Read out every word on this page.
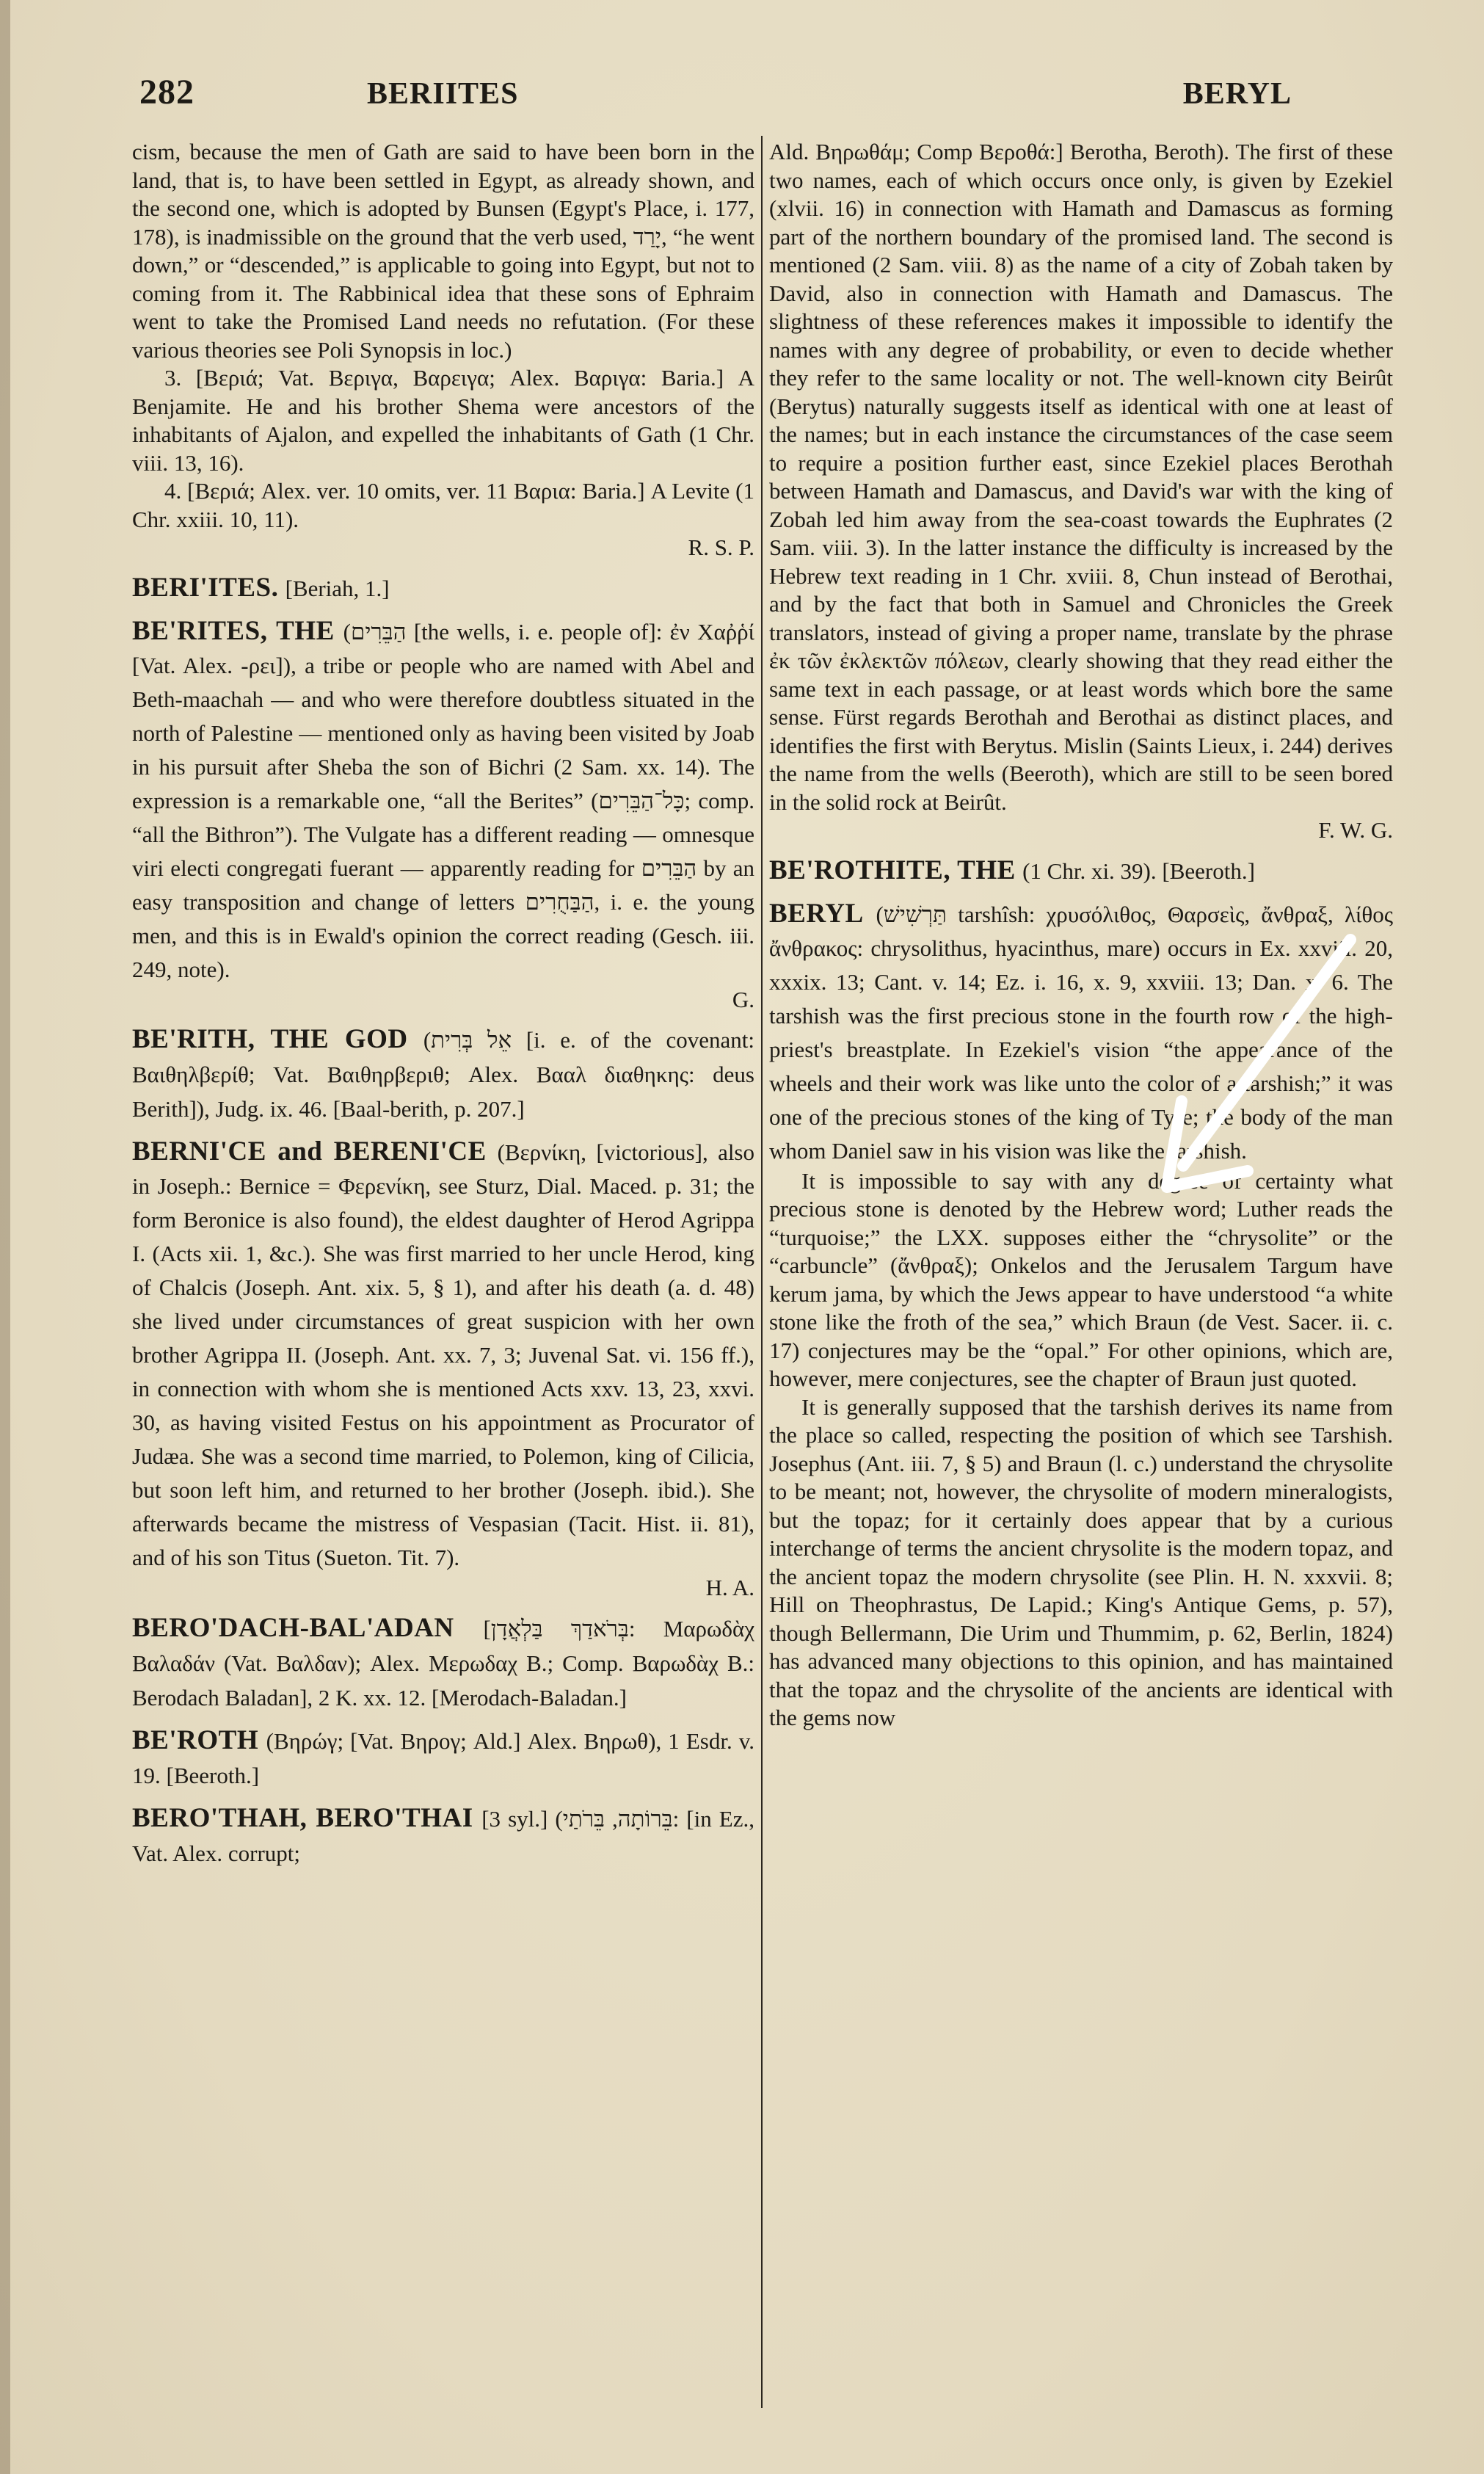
282	BERIITES	BERYL

cism, because the men of Gath are said to have been born in the land, that is, to have been settled in Egypt, as already shown, and the second one, which is adopted by Bunsen (Egypt's Place, i. 177, 178), is inadmissible on the ground that the verb used, יָרַד, “he went down,” or “descended,” is applicable to going into Egypt, but not to coming from it. The Rabbinical idea that these sons of Ephraim went to take the Promised Land needs no refutation. (For these various theories see Poli Synopsis in loc.)

3. [Βεριά; Vat. Βεριγα, Βαρειγα; Alex. Βαριγα: Baria.] A Benjamite. He and his brother Shema were ancestors of the inhabitants of Ajalon, and expelled the inhabitants of Gath (1 Chr. viii. 13, 16).

4. [Βεριά; Alex. ver. 10 omits, ver. 11 Βαρια: Baria.] A Levite (1 Chr. xxiii. 10, 11).

R. S. P.

BERI'ITES. [Beriah, 1.]

BE'RITES, THE (הַבֵּרִים [the wells, i. e. people of]: ἐν Χαῤῥί [Vat. Alex. -ρει]), a tribe or people who are named with Abel and Beth-maachah — and who were therefore doubtless situated in the north of Palestine — mentioned only as having been visited by Joab in his pursuit after Sheba the son of Bichri (2 Sam. xx. 14). The expression is a remarkable one, “all the Berites” (כָּל־הַבֵּרִים; comp. “all the Bithron”). The Vulgate has a different reading — omnesque viri electi congregati fuerant — apparently reading for הַבֵּרִים by an easy transposition and change of letters הַבַּחֻרִים, i. e. the young men, and this is in Ewald's opinion the correct reading (Gesch. iii. 249, note).

G.

BE'RITH, THE GOD (אֵל בְּרִית [i. e. of the covenant: Βαιθηλβερίθ; Vat. Βαιθηρβεριθ; Alex. Βααλ διαθηκης: deus Berith]), Judg. ix. 46. [Baal-berith, p. 207.]

BERNI'CE and BERENI'CE (Βερνίκη, [victorious], also in Joseph.: Bernice = Φερενίκη, see Sturz, Dial. Maced. p. 31; the form Beronice is also found), the eldest daughter of Herod Agrippa I. (Acts xii. 1, &c.). She was first married to her uncle Herod, king of Chalcis (Joseph. Ant. xix. 5, § 1), and after his death (a. d. 48) she lived under circumstances of great suspicion with her own brother Agrippa II. (Joseph. Ant. xx. 7, 3; Juvenal Sat. vi. 156 ff.), in connection with whom she is mentioned Acts xxv. 13, 23, xxvi. 30, as having visited Festus on his appointment as Procurator of Judæa. She was a second time married, to Polemon, king of Cilicia, but soon left him, and returned to her brother (Joseph. ibid.). She afterwards became the mistress of Vespasian (Tacit. Hist. ii. 81), and of his son Titus (Sueton. Tit. 7).

H. A.

BERO'DACH-BAL'ADAN [בְּרֹאדַךְ בַּלְאֲדָן: Μαρωδὰχ Βαλαδάν (Vat. Βαλδαν); Alex. Μερωδαχ B.; Comp. Βαρωδὰχ B.: Berodach Baladan], 2 K. xx. 12. [Merodach-Baladan.]

BE'ROTH (Βηρώγ; [Vat. Βηρογ; Ald.] Alex. Βηρωθ), 1 Esdr. v. 19. [Beeroth.]

BERO'THAH, BERO'THAI [3 syl.] (בֵּרוֹתָה, בֵּרֹתַי: [in Ez., Vat. Alex. corrupt;

Ald. Βηρωθάμ; Comp Βεροθά:] Berotha, Beroth). The first of these two names, each of which occurs once only, is given by Ezekiel (xlvii. 16) in connection with Hamath and Damascus as forming part of the northern boundary of the promised land. The second is mentioned (2 Sam. viii. 8) as the name of a city of Zobah taken by David, also in connection with Hamath and Damascus. The slightness of these references makes it impossible to identify the names with any degree of probability, or even to decide whether they refer to the same locality or not. The well-known city Beirût (Berytus) naturally suggests itself as identical with one at least of the names; but in each instance the circumstances of the case seem to require a position further east, since Ezekiel places Berothah between Hamath and Damascus, and David's war with the king of Zobah led him away from the sea-coast towards the Euphrates (2 Sam. viii. 3). In the latter instance the difficulty is increased by the Hebrew text reading in 1 Chr. xviii. 8, Chun instead of Berothai, and by the fact that both in Samuel and Chronicles the Greek translators, instead of giving a proper name, translate by the phrase ἐκ τῶν ἐκλεκτῶν πόλεων, clearly showing that they read either the same text in each passage, or at least words which bore the same sense. Fürst regards Berothah and Berothai as distinct places, and identifies the first with Berytus. Mislin (Saints Lieux, i. 244) derives the name from the wells (Beeroth), which are still to be seen bored in the solid rock at Beirût.

F. W. G.

BE'ROTHITE, THE (1 Chr. xi. 39). [Beeroth.]

BERYL (תַּרְשִׁישׁ tarshîsh: χρυσόλιθος, Θαρσεὶς, ἄνθραξ, λίθος ἄνθρακος: chrysolithus, hyacinthus, mare) occurs in Ex. xxviii. 20, xxxix. 13; Cant. v. 14; Ez. i. 16, x. 9, xxviii. 13; Dan. x. 6. The tarshish was the first precious stone in the fourth row of the high-priest's breastplate. In Ezekiel's vision “the appearance of the wheels and their work was like unto the color of a tarshish;” it was one of the precious stones of the king of Tyre; the body of the man whom Daniel saw in his vision was like the tarshish.

It is impossible to say with any degree of certainty what precious stone is denoted by the Hebrew word; Luther reads the “turquoise;” the LXX. supposes either the “chrysolite” or the “carbuncle” (ἄνθραξ); Onkelos and the Jerusalem Targum have kerum jama, by which the Jews appear to have understood “a white stone like the froth of the sea,” which Braun (de Vest. Sacer. ii. c. 17) conjectures may be the “opal.” For other opinions, which are, however, mere conjectures, see the chapter of Braun just quoted.

It is generally supposed that the tarshish derives its name from the place so called, respecting the position of which see Tarshish. Josephus (Ant. iii. 7, § 5) and Braun (l. c.) understand the chrysolite to be meant; not, however, the chrysolite of modern mineralogists, but the topaz; for it certainly does appear that by a curious interchange of terms the ancient chrysolite is the modern topaz, and the ancient topaz the modern chrysolite (see Plin. H. N. xxxvii. 8; Hill on Theophrastus, De Lapid.; King's Antique Gems, p. 57), though Bellermann, Die Urim und Thummim, p. 62, Berlin, 1824) has advanced many objections to this opinion, and has maintained that the topaz and the chrysolite of the ancients are identical with the gems now
